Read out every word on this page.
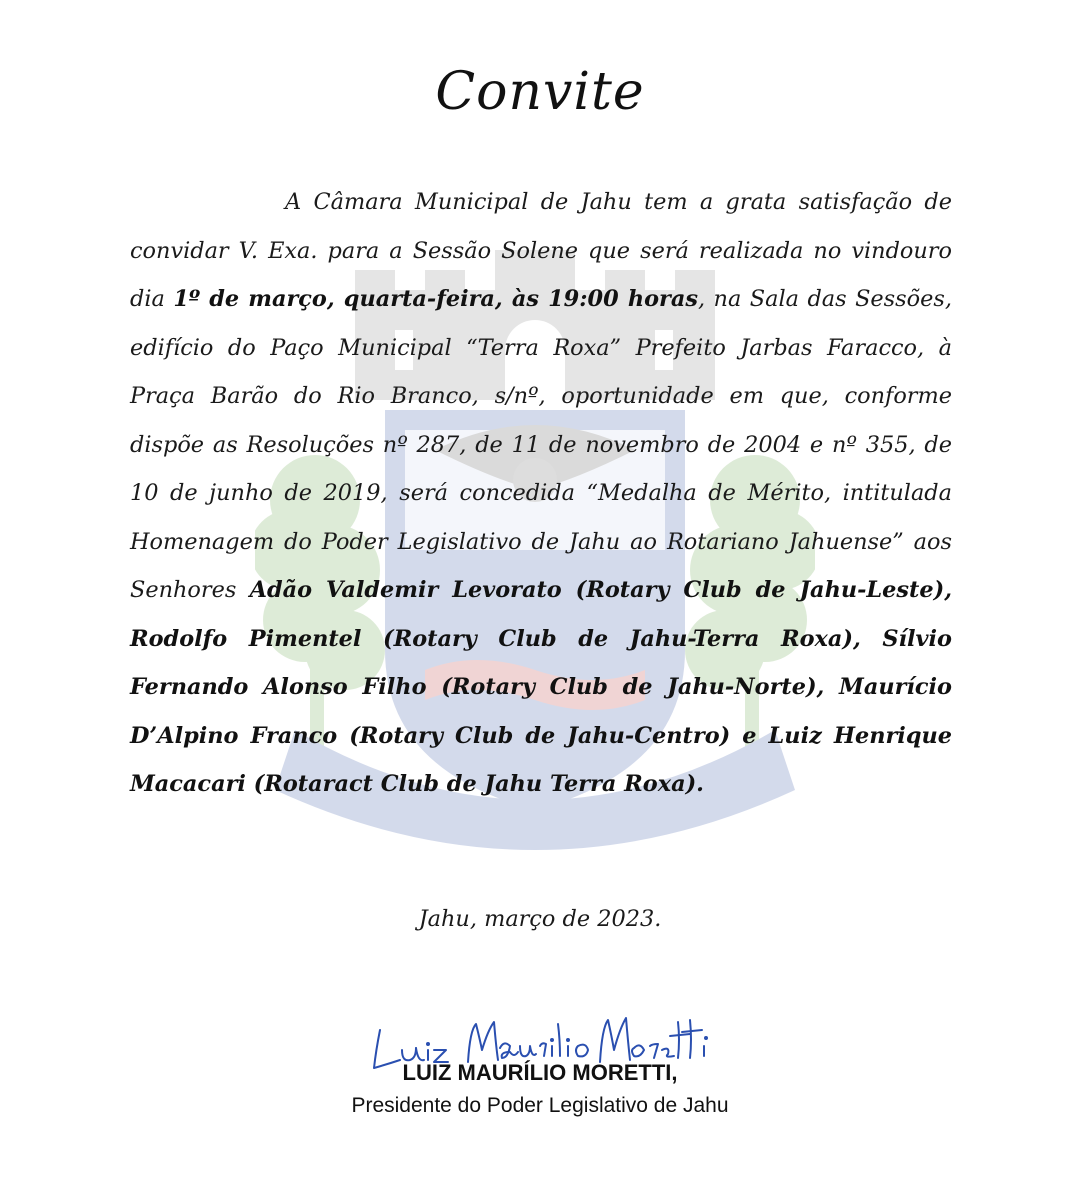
Convite

A Câmara Municipal de Jahu tem a grata satisfação de convidar V. Exa. para a Sessão Solene que será realizada no vindouro dia 1º de março, quarta-feira, às 19:00 horas, na Sala das Sessões, edifício do Paço Municipal “Terra Roxa” Prefeito Jarbas Faracco, à Praça Barão do Rio Branco, s/nº, oportunidade em que, conforme dispõe as Resoluções nº 287, de 11 de novembro de 2004 e nº 355, de 10 de junho de 2019, será concedida “Medalha de Mérito, intitulada Homenagem do Poder Legislativo de Jahu ao Rotariano Jahuense” aos Senhores Adão Valdemir Levorato (Rotary Club de Jahu-Leste), Rodolfo Pimentel (Rotary Club de Jahu-Terra Roxa), Sílvio Fernando Alonso Filho (Rotary Club de Jahu-Norte), Maurício D’Alpino Franco (Rotary Club de Jahu-Centro) e Luiz Henrique Macacari (Rotaract Club de Jahu Terra Roxa).

Jahu, março de 2023.
LUIZ MAURÍLIO MORETTI,
Presidente do Poder Legislativo de Jahu
